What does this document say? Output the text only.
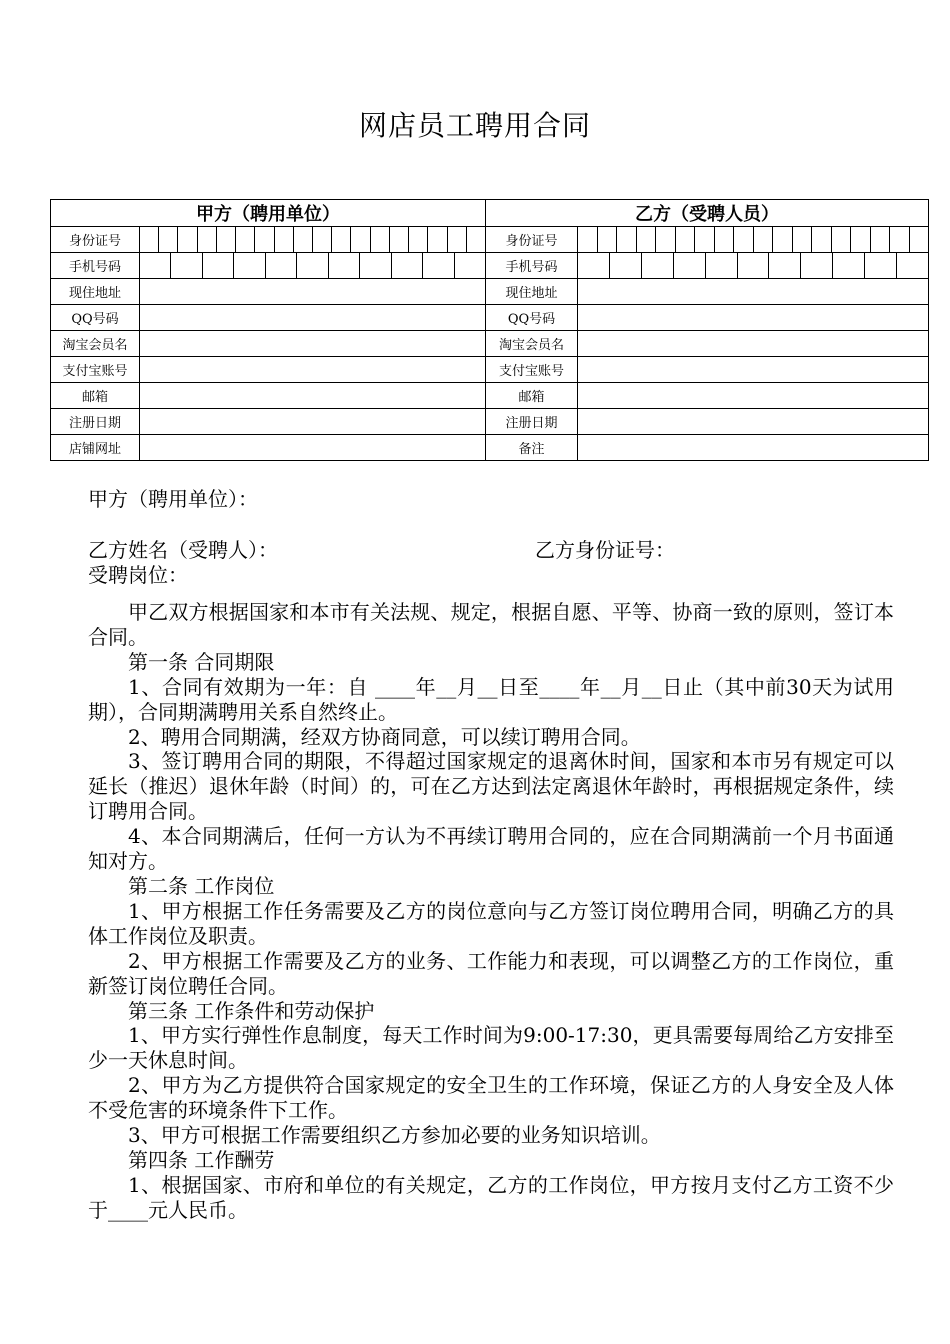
网店员工聘用合同
甲方（聘用单位）		乙方（受聘人员）	
身份证号		身份证号	

手机号码		手机号码	

现住地址		现住地址	
QQ号码		QQ号码	
淘宝会员名		淘宝会员名	
支付宝账号		支付宝账号	
邮箱		邮箱	
注册日期		注册日期	
店铺网址		备注	
甲方（聘用单位）：
乙方姓名（受聘人）：	乙方身份证号：
受聘岗位：

甲乙双方根据国家和本市有关法规、规定，根据自愿、平等、协商一致的原则，签订本合同。

第一条 合同期限

1、合同有效期为一年：自 ____年__月__日至____年__月__日止（其中前30天为试用期），合同期满聘用关系自然终止。

2、聘用合同期满，经双方协商同意，可以续订聘用合同。

3、签订聘用合同的期限，不得超过国家规定的退离休时间，国家和本市另有规定可以延长（推迟）退休年龄（时间）的，可在乙方达到法定离退休年龄时，再根据规定条件，续订聘用合同。

4、本合同期满后，任何一方认为不再续订聘用合同的，应在合同期满前一个月书面通知对方。

第二条 工作岗位

1、甲方根据工作任务需要及乙方的岗位意向与乙方签订岗位聘用合同，明确乙方的具体工作岗位及职责。

2、甲方根据工作需要及乙方的业务、工作能力和表现，可以调整乙方的工作岗位，重新签订岗位聘任合同。

第三条 工作条件和劳动保护

1、甲方实行弹性作息制度，每天工作时间为9:00-17:30，更具需要每周给乙方安排至少一天休息时间。

2、甲方为乙方提供符合国家规定的安全卫生的工作环境，保证乙方的人身安全及人体不受危害的环境条件下工作。

3、甲方可根据工作需要组织乙方参加必要的业务知识培训。

第四条 工作酬劳

1、根据国家、市府和单位的有关规定，乙方的工作岗位，甲方按月支付乙方工资不少于____元人民币。
